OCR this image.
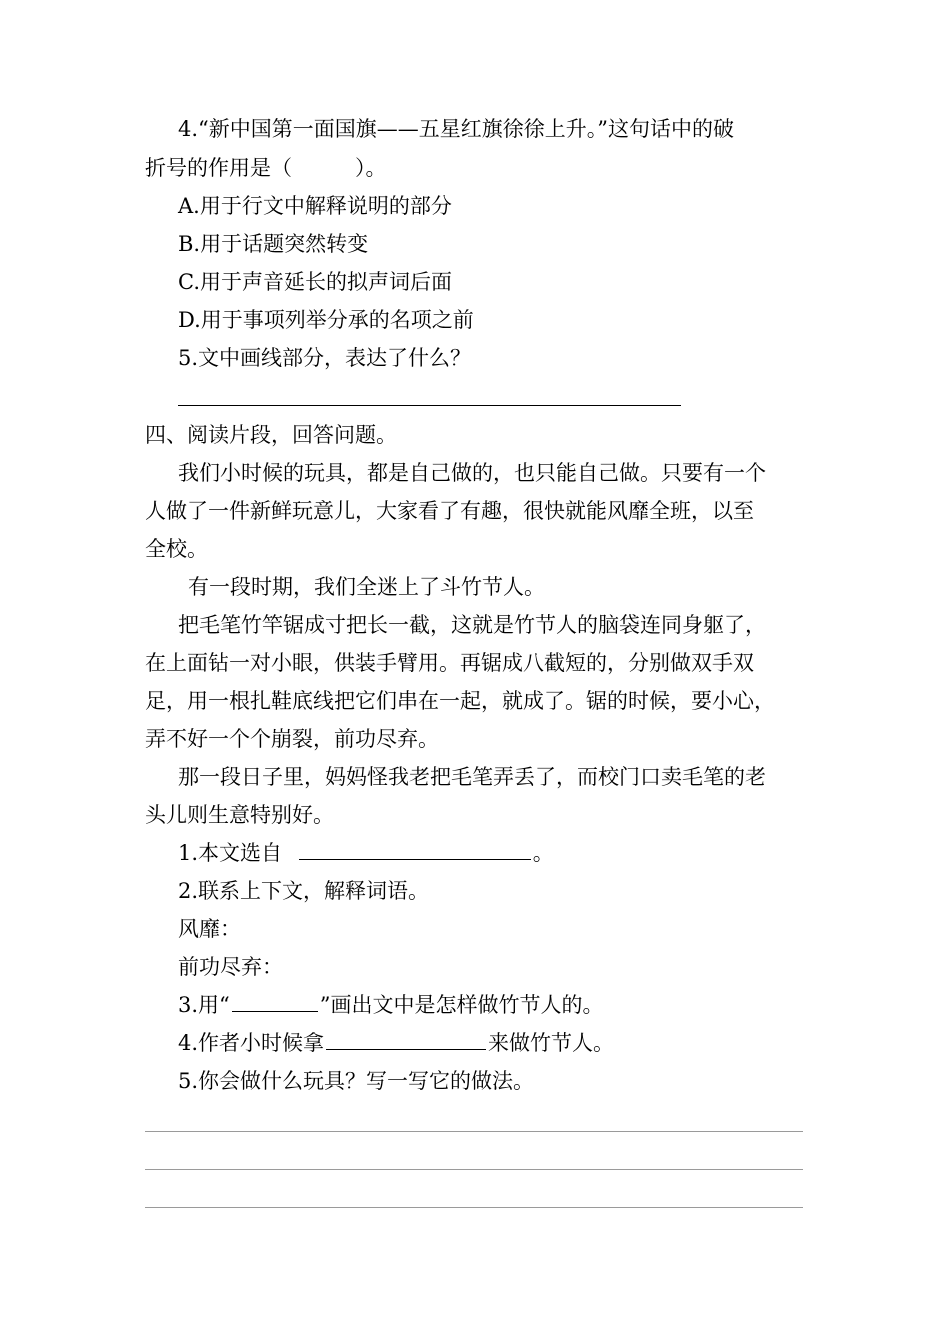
4.“新中国第一面国旗——五星红旗徐徐上升。”这句话中的破
折号的作用是（　　　）。
A.用于行文中解释说明的部分
B.用于话题突然转变
C.用于声音延长的拟声词后面
D.用于事项列举分承的名项之前
5.文中画线部分，表达了什么？
四、阅读片段，回答问题。
我们小时候的玩具，都是自己做的，也只能自己做。只要有一个
人做了一件新鲜玩意儿，大家看了有趣，很快就能风靡全班，以至
全校。
有一段时期，我们全迷上了斗竹节人。
把毛笔竹竿锯成寸把长一截，这就是竹节人的脑袋连同身躯了，
在上面钻一对小眼，供装手臂用。再锯成八截短的，分别做双手双
足，用一根扎鞋底线把它们串在一起，就成了。锯的时候，要小心，
弄不好一个个崩裂，前功尽弃。
那一段日子里，妈妈怪我老把毛笔弄丢了，而校门口卖毛笔的老
头儿则生意特别好。
1.本文选自	。
2.联系上下文，解释词语。
风靡：
前功尽弃：
3.用“	”画出文中是怎样做竹节人的。
4.作者小时候拿	来做竹节人。
5.你会做什么玩具？写一写它的做法。
